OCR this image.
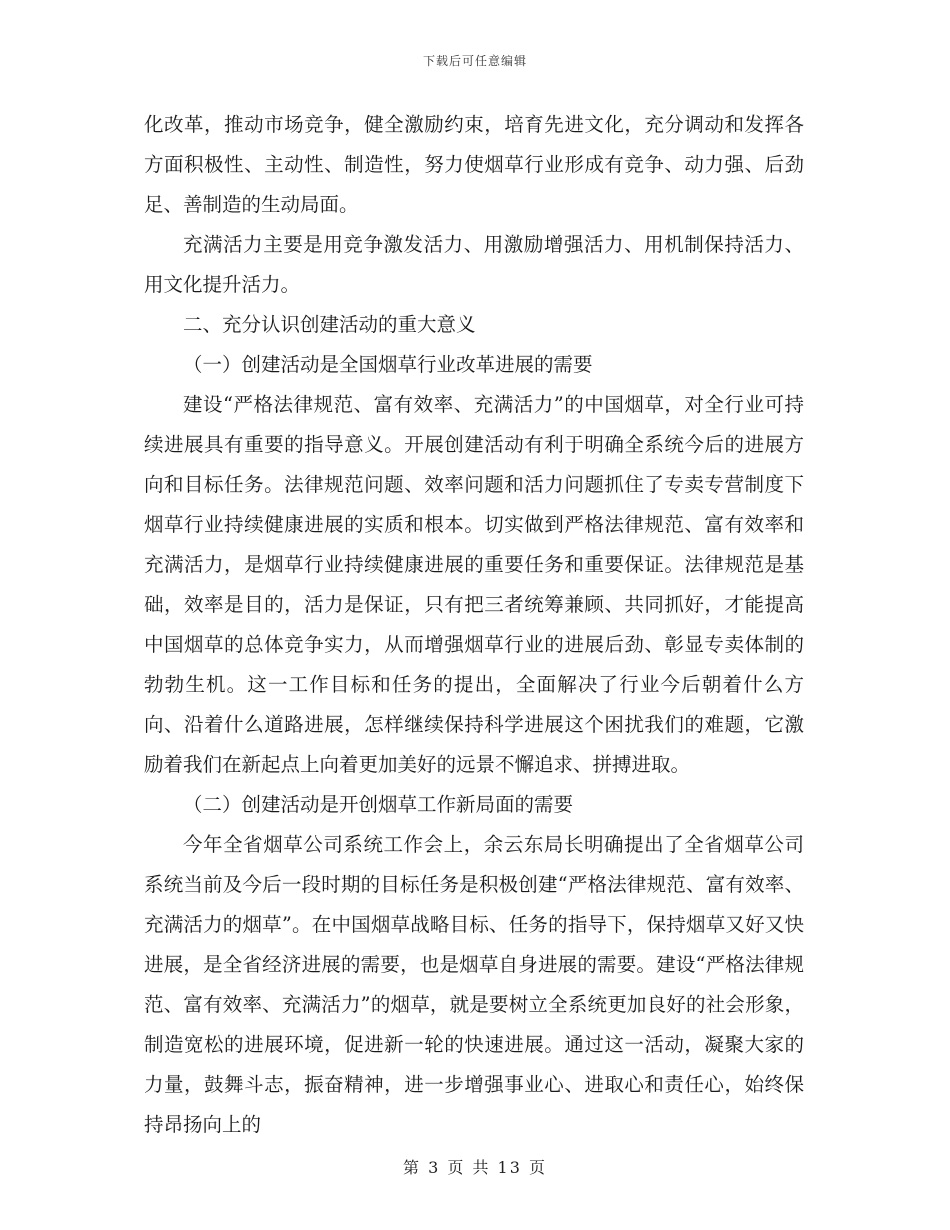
下载后可任意编辑

化改革，推动市场竞争，健全激励约束，培育先进文化，充分调动和发挥各方面积极性、主动性、制造性，努力使烟草行业形成有竞争、动力强、后劲足、善制造的生动局面。

充满活力主要是用竞争激发活力、用激励增强活力、用机制保持活力、用文化提升活力。

二、充分认识创建活动的重大意义

（一）创建活动是全国烟草行业改革进展的需要

建设“严格法律规范、富有效率、充满活力”的中国烟草，对全行业可持续进展具有重要的指导意义。开展创建活动有利于明确全系统今后的进展方向和目标任务。法律规范问题、效率问题和活力问题抓住了专卖专营制度下烟草行业持续健康进展的实质和根本。切实做到严格法律规范、富有效率和充满活力，是烟草行业持续健康进展的重要任务和重要保证。法律规范是基础，效率是目的，活力是保证，只有把三者统筹兼顾、共同抓好，才能提高中国烟草的总体竞争实力，从而增强烟草行业的进展后劲、彰显专卖体制的勃勃生机。这一工作目标和任务的提出，全面解决了行业今后朝着什么方向、沿着什么道路进展，怎样继续保持科学进展这个困扰我们的难题，它激励着我们在新起点上向着更加美好的远景不懈追求、拼搏进取。

（二）创建活动是开创烟草工作新局面的需要

今年全省烟草公司系统工作会上，余云东局长明确提出了全省烟草公司系统当前及今后一段时期的目标任务是积极创建“严格法律规范、富有效率、充满活力的烟草”。在中国烟草战略目标、任务的指导下，保持烟草又好又快进展，是全省经济进展的需要，也是烟草自身进展的需要。建设“严格法律规范、富有效率、充满活力”的烟草，就是要树立全系统更加良好的社会形象，制造宽松的进展环境，促进新一轮的快速进展。通过这一活动，凝聚大家的力量，鼓舞斗志，振奋精神，进一步增强事业心、进取心和责任心，始终保持昂扬向上的

第 3 页 共 13 页
